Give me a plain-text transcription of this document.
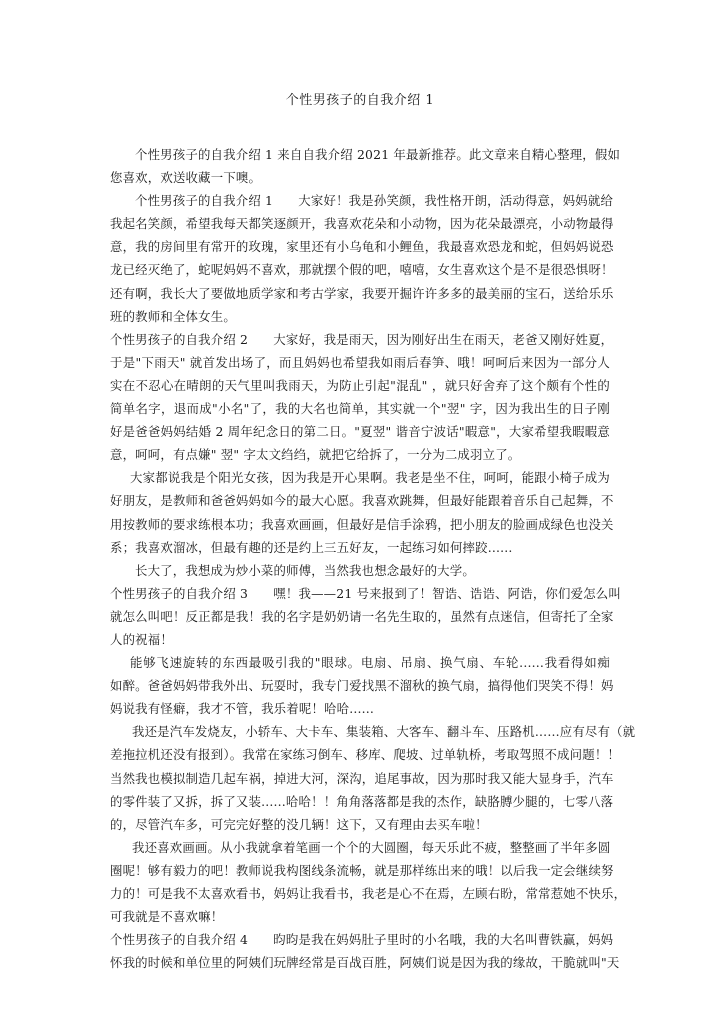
个性男孩子的自我介绍 1
个性男孩子的自我介绍 1 来自自我介绍 2021 年最新推荐。此文章来自精心整理，假如
您喜欢，欢送收藏一下噢。
个性男孩子的自我介绍 1　　大家好！我是孙笑颜，我性格开朗，活动得意，妈妈就给
我起名笑颜，希望我每天都笑逐颜开，我喜欢花朵和小动物，因为花朵最漂亮，小动物最得
意，我的房间里有常开的玫瑰，家里还有小乌龟和小鲤鱼，我最喜欢恐龙和蛇，但妈妈说恐
龙已经灭绝了，蛇呢妈妈不喜欢，那就摆个假的吧，嘻嘻，女生喜欢这个是不是很恐惧呀！
还有啊，我长大了要做地质学家和考古学家，我要开掘许许多多的最美丽的宝石，送给乐乐
班的教师和全体女生。
个性男孩子的自我介绍 2　　大家好，我是雨天，因为刚好出生在雨天，老爸又刚好姓夏，
于是"下雨天" 就首发出场了，而且妈妈也希望我如雨后春笋、哦！呵呵后来因为一部分人
实在不忍心在晴朗的天气里叫我雨天，为防止引起"混乱" ，就只好舍弃了这个颇有个性的
简单名字，退而成"小名"了，我的大名也简单，其实就一个"翌" 字，因为我出生的日子刚
好是爸爸妈妈结婚 2 周年纪念日的第二日。"夏翌" 谐音宁波话"暇意"，大家希望我暇暇意
意，呵呵，有点嫌" 翌" 字太文绉绉，就把它给拆了，一分为二成羽立了。
大家都说我是个阳光女孩，因为我是开心果啊。我老是坐不住，呵呵，能跟小椅子成为
好朋友，是教师和爸爸妈妈如今的最大心愿。我喜欢跳舞，但最好能跟着音乐自己起舞，不
用按教师的要求练根本功；我喜欢画画，但最好是信手涂鸦，把小朋友的脸画成绿色也没关
系；我喜欢溜冰，但最有趣的还是约上三五好友，一起练习如何摔跤......
长大了，我想成为炒小菜的师傅，当然我也想念最好的大学。
个性男孩子的自我介绍 3　　嘿！我——21 号来报到了！智诰、诰诰、阿诰，你们爱怎么叫
就怎么叫吧！反正都是我！我的名字是奶奶请一名先生取的，虽然有点迷信，但寄托了全家
人的祝福！
能够飞速旋转的东西最吸引我的"眼球。电扇、吊扇、换气扇、车轮......我看得如痴
如醉。爸爸妈妈带我外出、玩耍时，我专门爱找黑不溜秋的换气扇，搞得他们哭笑不得！妈
妈说我有怪癖，我才不管，我乐着呢！哈哈......
我还是汽车发烧友，小轿车、大卡车、集装箱、大客车、翻斗车、压路机......应有尽有（就
差拖拉机还没有报到）。我常在家练习倒车、移库、爬坡、过单轨桥，考取驾照不成问题！！
当然我也模拟制造几起车祸，掉进大河，深沟，追尾事故，因为那时我又能大显身手，汽车
的零件装了又拆，拆了又装......哈哈！！角角落落都是我的杰作，缺胳膊少腿的，七零八落
的，尽管汽车多，可完完好整的没几辆！这下，又有理由去买车啦！
我还喜欢画画。从小我就拿着笔画一个个的大圆圈，每天乐此不疲，整整画了半年多圆
圈呢！够有毅力的吧！教师说我构图线条流畅，就是那样练出来的哦！以后我一定会继续努
力的！可是我不太喜欢看书，妈妈让我看书，我老是心不在焉，左顾右盼，常常惹她不快乐，
可我就是不喜欢嘛！
个性男孩子的自我介绍 4　　昀昀是我在妈妈肚子里时的小名哦，我的大名叫曹铁赢，妈妈
怀我的时候和单位里的阿姨们玩牌经常是百战百胜，阿姨们说是因为我的缘故，干脆就叫"天
